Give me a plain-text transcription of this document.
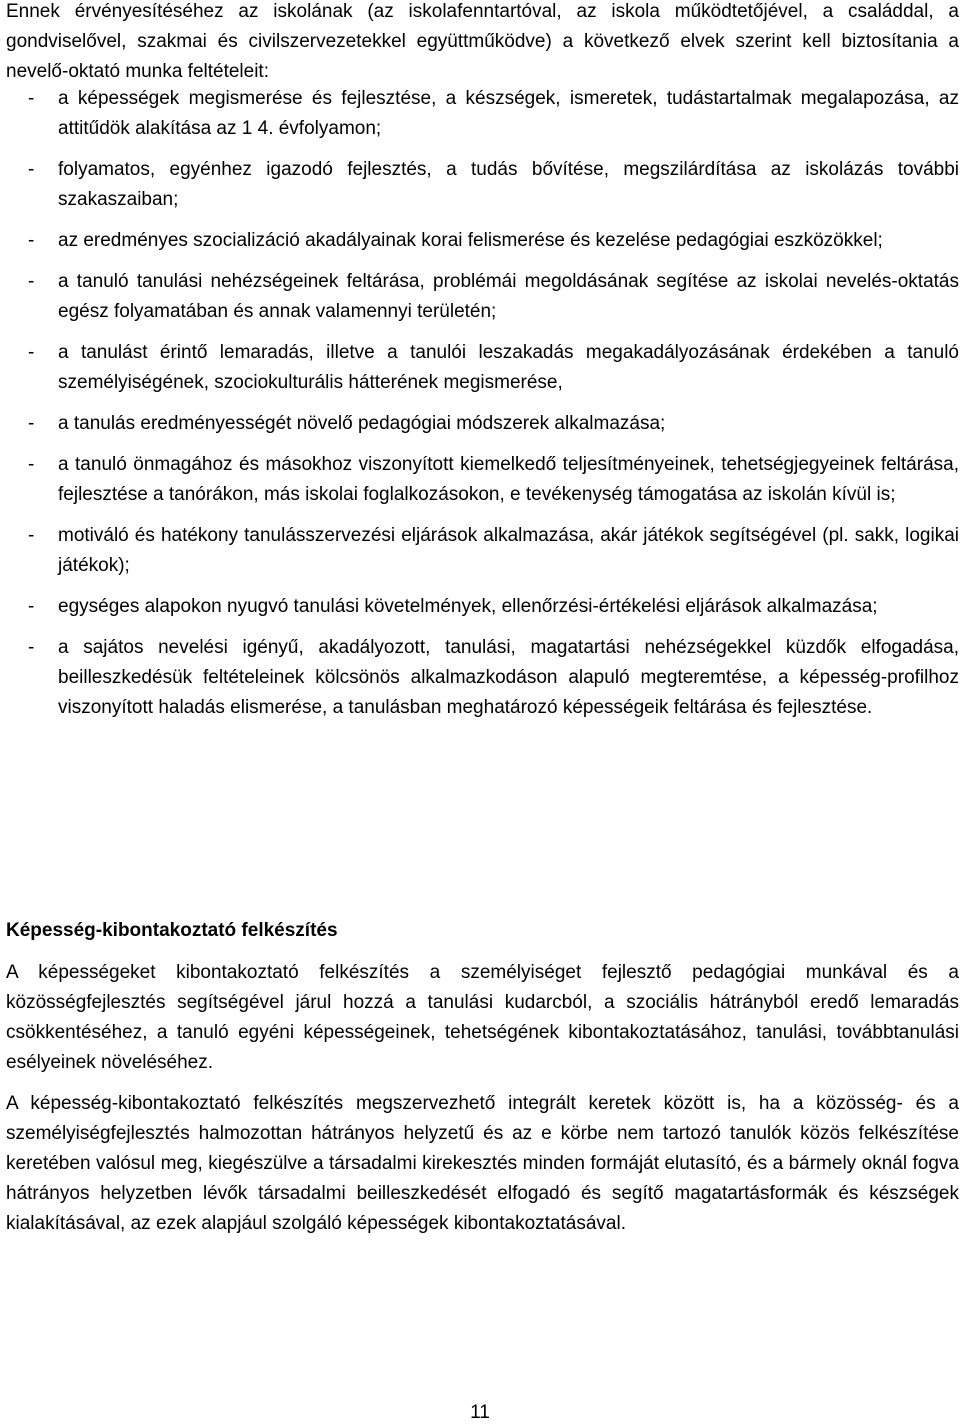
Ennek érvényesítéséhez az iskolának (az iskolafenntartóval, az iskola működtetőjével, a családdal, a gondviselővel, szakmai és civilszervezetekkel együttműködve) a következő elvek szerint kell biztosítania a nevelő-oktató munka feltételeit:

- a képességek megismerése és fejlesztése, a készségek, ismeretek, tudástartalmak megalapozása, az attitűdök alakítása az 1 4. évfolyamon;
- folyamatos, egyénhez igazodó fejlesztés, a tudás bővítése, megszilárdítása az iskolázás további szakaszaiban;
- az eredményes szocializáció akadályainak korai felismerése és kezelése pedagógiai eszközökkel;
- a tanuló tanulási nehézségeinek feltárása, problémái megoldásának segítése az iskolai nevelés-oktatás egész folyamatában és annak valamennyi területén;
- a tanulást érintő lemaradás, illetve a tanulói leszakadás megakadályozásának érdekében a tanuló személyiségének, szociokulturális hátterének megismerése,
- a tanulás eredményességét növelő pedagógiai módszerek alkalmazása;
- a tanuló önmagához és másokhoz viszonyított kiemelkedő teljesítményeinek, tehetségjegyeinek feltárása, fejlesztése a tanórákon, más iskolai foglalkozásokon, e tevékenység támogatása az iskolán kívül is;
- motiváló és hatékony tanulásszervezési eljárások alkalmazása, akár játékok segítségével (pl. sakk, logikai játékok);
- egységes alapokon nyugvó tanulási követelmények, ellenőrzési-értékelési eljárások alkalmazása;
- a sajátos nevelési igényű, akadályozott, tanulási, magatartási nehézségekkel küzdők elfogadása, beilleszkedésük feltételeinek kölcsönös alkalmazkodáson alapuló megteremtése, a képesség-profilhoz viszonyított haladás elismerése, a tanulásban meghatározó képességeik feltárása és fejlesztése.
Képesség-kibontakoztató felkészítés

A képességeket kibontakoztató felkészítés a személyiséget fejlesztő pedagógiai munkával és a közösségfejlesztés segítségével járul hozzá a tanulási kudarcból, a szociális hátrányból eredő lemaradás csökkentéséhez, a tanuló egyéni képességeinek, tehetségének kibontakoztatásához, tanulási, továbbtanulási esélyeinek növeléséhez.

A képesség-kibontakoztató felkészítés megszervezhető integrált keretek között is, ha a közösség- és a személyiségfejlesztés halmozottan hátrányos helyzetű és az e körbe nem tartozó tanulók közös felkészítése keretében valósul meg, kiegészülve a társadalmi kirekesztés minden formáját elutasító, és a bármely oknál fogva hátrányos helyzetben lévők társadalmi beilleszkedését elfogadó és segítő magatartásformák és készségek kialakításával, az ezek alapjául szolgáló képességek kibontakoztatásával.

11
